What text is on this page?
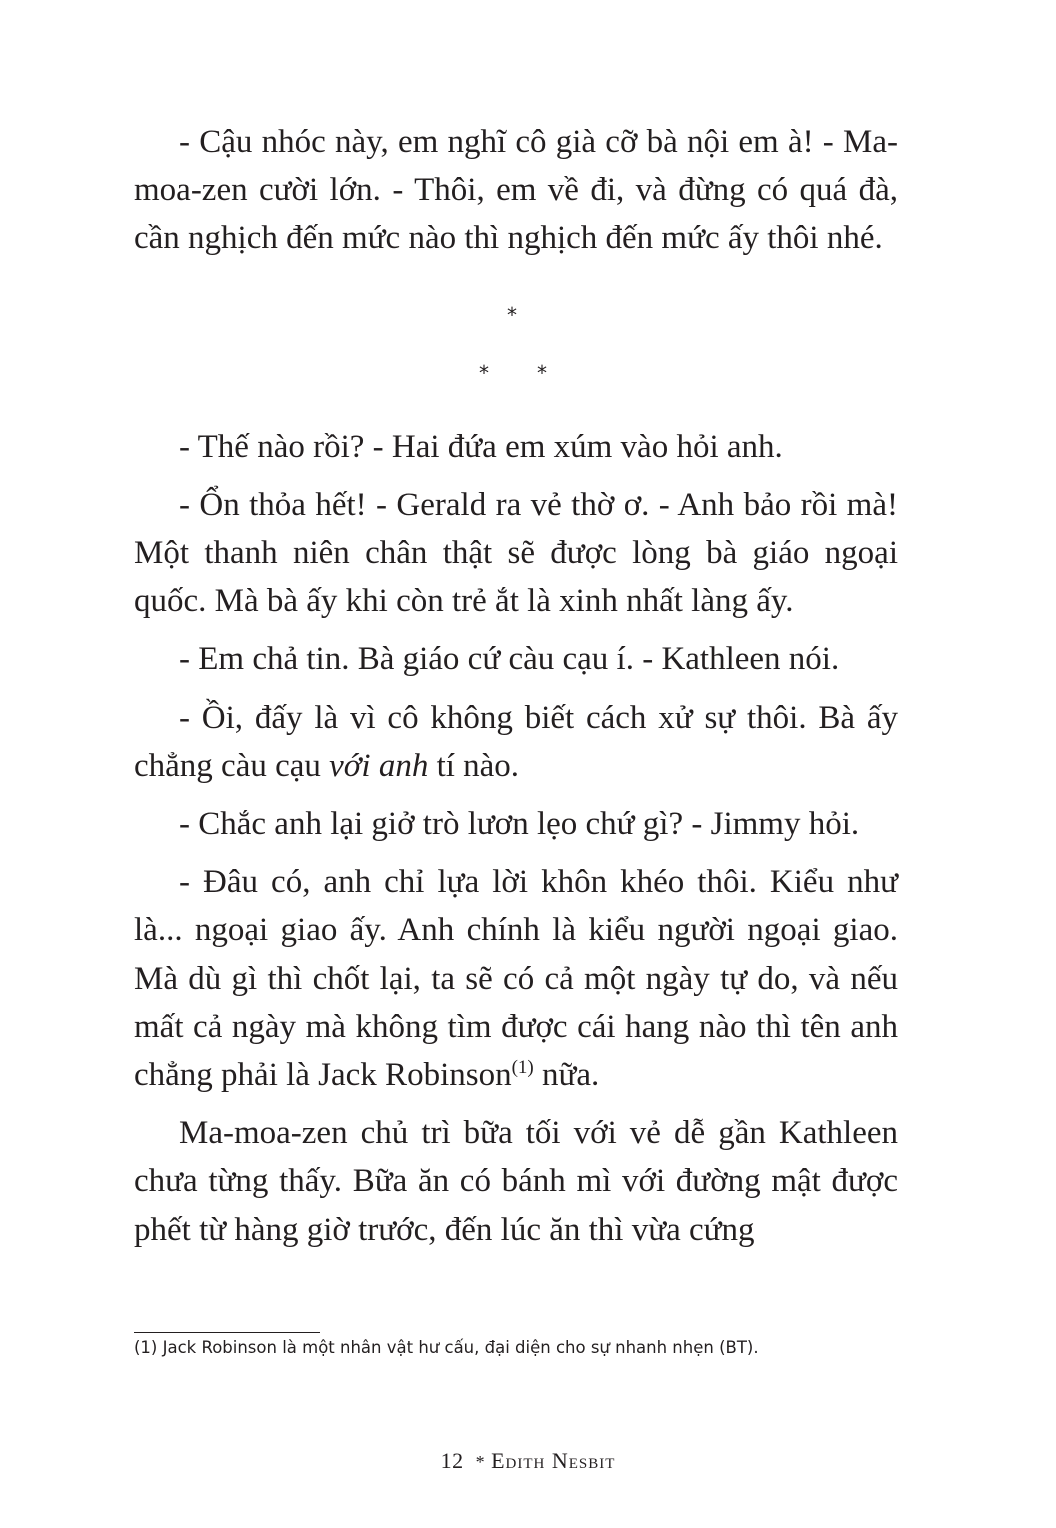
- Cậu nhóc này, em nghĩ cô già cỡ bà nội em à! - Ma-moa-zen cười lớn. - Thôi, em về đi, và đừng có quá đà, cần nghịch đến mức nào thì nghịch đến mức ấy thôi nhé.

*
* *

- Thế nào rồi? - Hai đứa em xúm vào hỏi anh.

- Ổn thỏa hết! - Gerald ra vẻ thờ ơ. - Anh bảo rồi mà! Một thanh niên chân thật sẽ được lòng bà giáo ngoại quốc. Mà bà ấy khi còn trẻ ắt là xinh nhất làng ấy.

- Em chả tin. Bà giáo cứ càu cạu í. - Kathleen nói.

- Ồi, đấy là vì cô không biết cách xử sự thôi. Bà ấy chẳng càu cạu với anh tí nào.

- Chắc anh lại giở trò lươn lẹo chứ gì? - Jimmy hỏi.

- Đâu có, anh chỉ lựa lời khôn khéo thôi. Kiểu như là... ngoại giao ấy. Anh chính là kiểu người ngoại giao. Mà dù gì thì chốt lại, ta sẽ có cả một ngày tự do, và nếu mất cả ngày mà không tìm được cái hang nào thì tên anh chẳng phải là Jack Robinson$^{(1)}$ nữa.

Ma-moa-zen chủ trì bữa tối với vẻ dễ gần Kathleen chưa từng thấy. Bữa ăn có bánh mì với đường mật được phết từ hàng giờ trước, đến lúc ăn thì vừa cứng

(1) Jack Robinson là một nhân vật hư cấu, đại diện cho sự nhanh nhẹn (BT).
12 * Edith Nesbit
